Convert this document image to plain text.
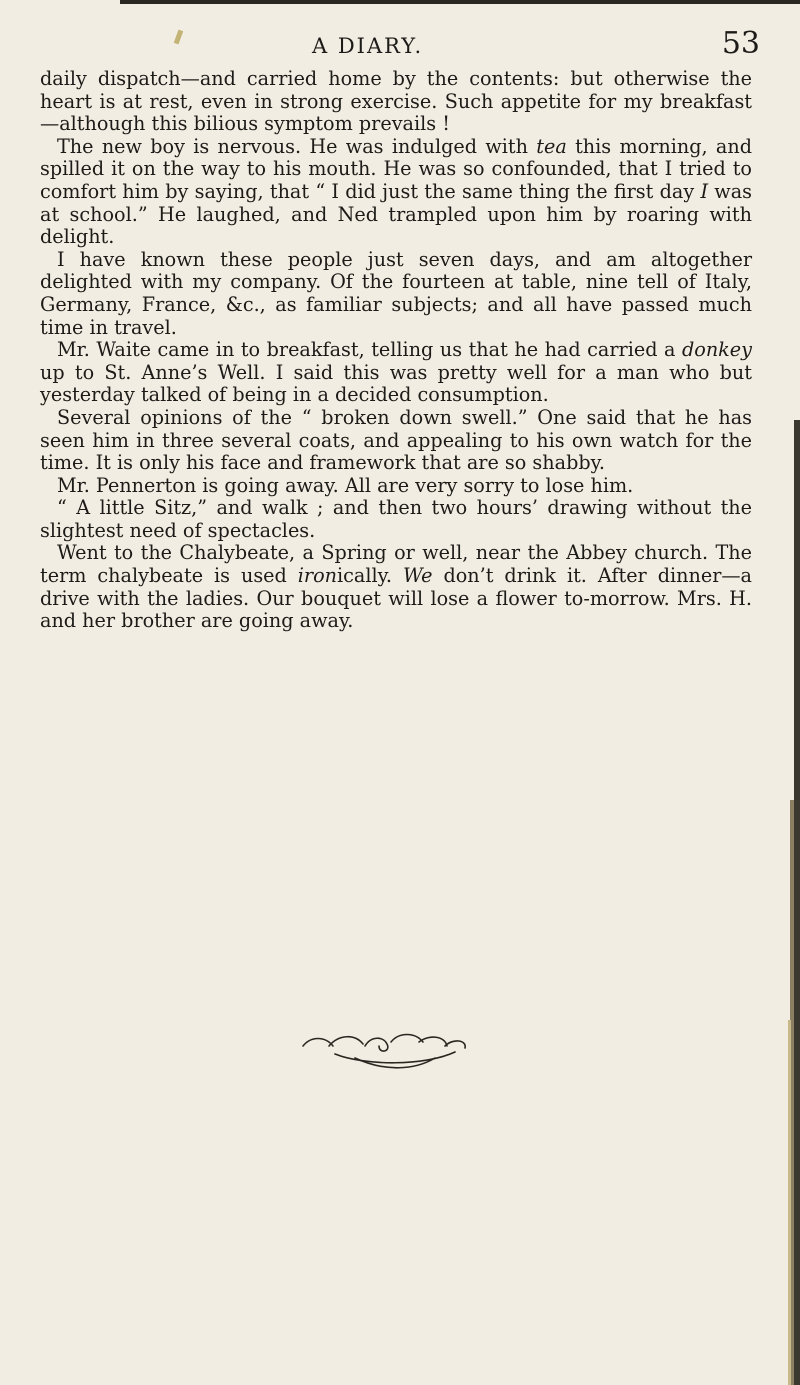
A DIARY.	53

daily dispatch—and carried home by the contents: but otherwise the heart is at rest, even in strong exercise. Such appetite for my breakfast—although this bilious symptom prevails !

The new boy is nervous. He was indulged with tea this morning, and spilled it on the way to his mouth. He was so confounded, that I tried to comfort him by saying, that “ I did just the same thing the first day I was at school.” He laughed, and Ned trampled upon him by roaring with delight.

I have known these people just seven days, and am altogether delighted with my company. Of the fourteen at table, nine tell of Italy, Germany, France, &c., as familiar subjects; and all have passed much time in travel.

Mr. Waite came in to breakfast, telling us that he had carried a donkey up to St. Anne’s Well. I said this was pretty well for a man who but yesterday talked of being in a decided consumption.

Several opinions of the “ broken down swell.” One said that he has seen him in three several coats, and appealing to his own watch for the time. It is only his face and framework that are so shabby.

Mr. Pennerton is going away. All are very sorry to lose him.

“ A little Sitz,” and walk ; and then two hours’ drawing without the slightest need of spectacles.

Went to the Chalybeate, a Spring or well, near the Abbey church. The term chalybeate is used ironically. We don’t drink it. After dinner—a drive with the ladies. Our bouquet will lose a flower to-morrow. Mrs. H. and her brother are going away.
